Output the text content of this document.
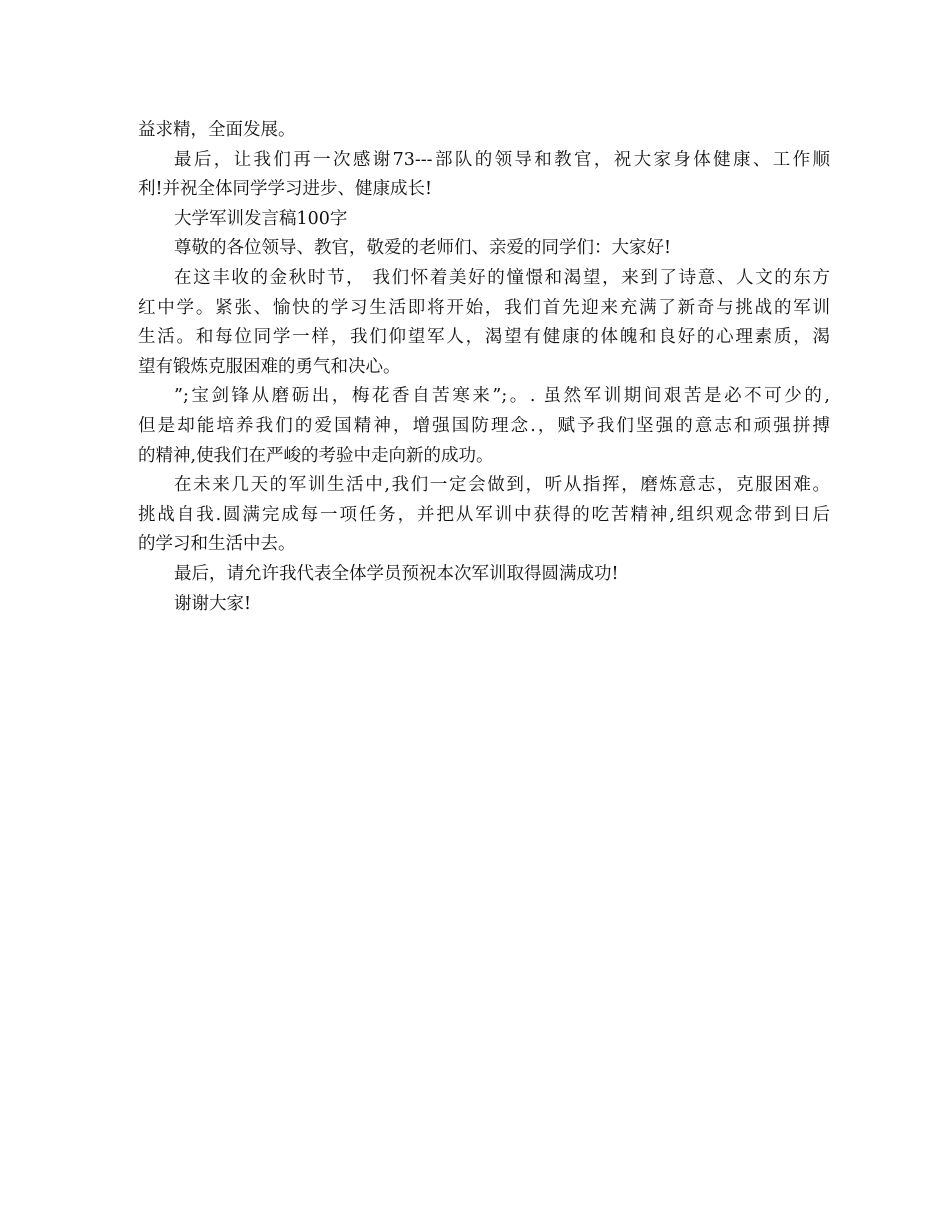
益求精，全面发展。
最后，让我们再一次感谢73---部队的领导和教官，祝大家身体健康、工作顺
利!并祝全体同学学习进步、健康成长!
大学军训发言稿100字
尊敬的各位领导、教官，敬爱的老师们、亲爱的同学们：大家好!
在这丰收的金秋时节， 我们怀着美好的憧憬和渴望，来到了诗意、人文的东方
红中学。紧张、愉快的学习生活即将开始，我们首先迎来充满了新奇与挑战的军训
生活。和每位同学一样，我们仰望军人，渴望有健康的体魄和良好的心理素质，渴
望有锻炼克服困难的勇气和决心。
”;宝剑锋从磨砺出，梅花香自苦寒来”;。. 虽然军训期间艰苦是必不可少的,
但是却能培养我们的爱国精神，增强国防理念.，赋予我们坚强的意志和顽强拼搏
的精神,使我们在严峻的考验中走向新的成功。
在未来几天的军训生活中,我们一定会做到，听从指挥，磨炼意志，克服困难。
挑战自我.圆满完成每一项任务，并把从军训中获得的吃苦精神,组织观念带到日后
的学习和生活中去。
最后，请允许我代表全体学员预祝本次军训取得圆满成功!
谢谢大家!
